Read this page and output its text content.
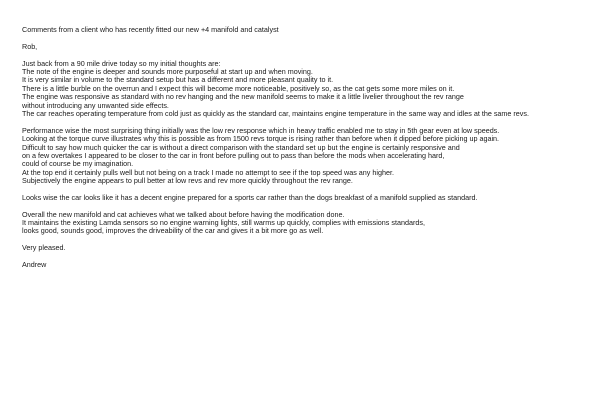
Comments from a client who has recently fitted our new +4 manifold and catalyst
Rob,
Just back from a 90 mile drive today so my initial thoughts are:
The note of the engine is deeper and sounds more purposeful at start up and when moving.
It is very similar in volume to the standard setup but has a different and more pleasant quality to it.
There is a little burble on the overrun and I expect this will become more noticeable, positively so, as the cat gets some more miles on it.
The engine was responsive as standard with no rev hanging and the new manifold seems to make it a little livelier throughout the rev range
without introducing any unwanted side effects.
The car reaches operating temperature from cold just as quickly as the standard car, maintains engine temperature in the same way and idles at the same revs.
Performance wise the most surprising thing initially was the low rev response which in heavy traffic enabled me to stay in 5th gear even at low speeds.
Looking at the torque curve illustrates why this is possible as from 1500 revs torque is rising rather than before when it dipped before picking up again.
Difficult to say how much quicker the car is without a direct comparison with the standard set up but the engine is certainly responsive and
on a few overtakes I appeared to be closer to the car in front before pulling out to pass than before the mods when accelerating hard,
could of course be my imagination.
At the top end it certainly pulls well but not being on a track I made no attempt to see if the top speed was any higher.
Subjectively the engine appears to pull better at low revs and rev more quickly throughout the rev range.
Looks wise the car looks like it has a decent engine prepared for a sports car rather than the dogs breakfast of a manifold supplied as standard.
Overall the new manifold and cat achieves what we talked about before having the modification done.
It maintains the existing Lamda sensors so no engine warning lights, still warms up quickly, complies with emissions standards,
looks good, sounds good, improves the driveability of the car and gives it a bit more go as well.
Very pleased.
Andrew
